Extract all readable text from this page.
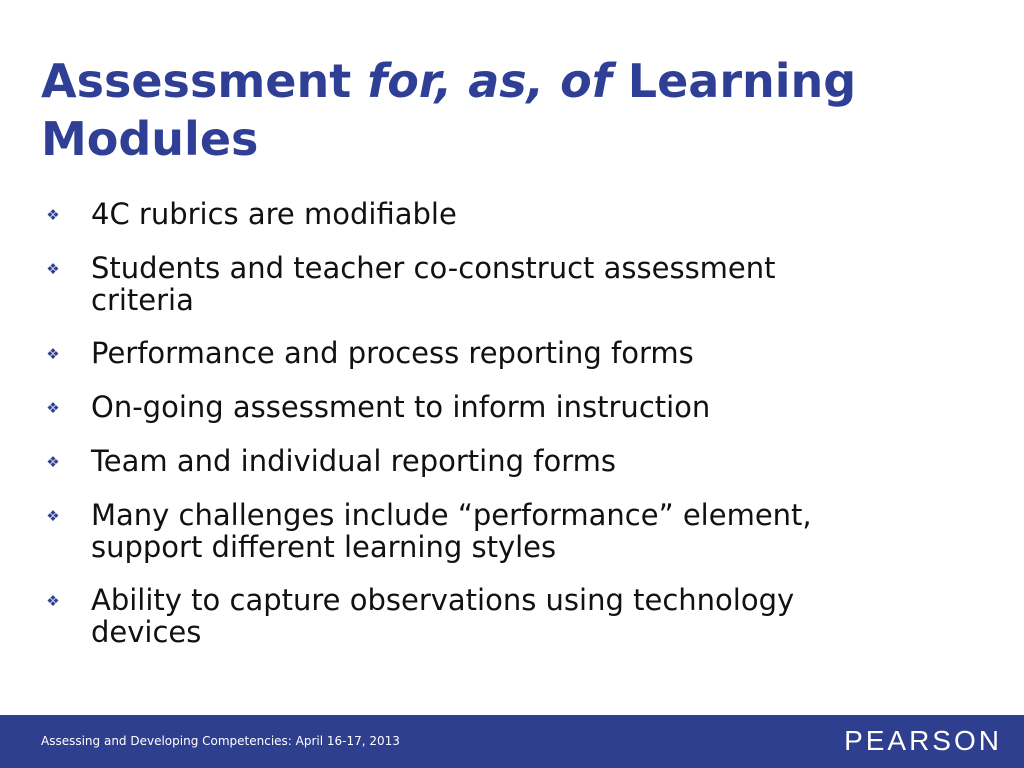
Assessment for, as, of Learning
Modules
❖ 4C rubrics are modifiable
❖ Students and teacher co-construct assessment
criteria
❖ Performance and process reporting forms
❖ On-going assessment to inform instruction
❖ Team and individual reporting forms
❖ Many challenges include “performance” element,
support different learning styles
❖ Ability to capture observations using technology
devices
Assessing and Developing Competencies: April 16-17, 2013	PEARSON
